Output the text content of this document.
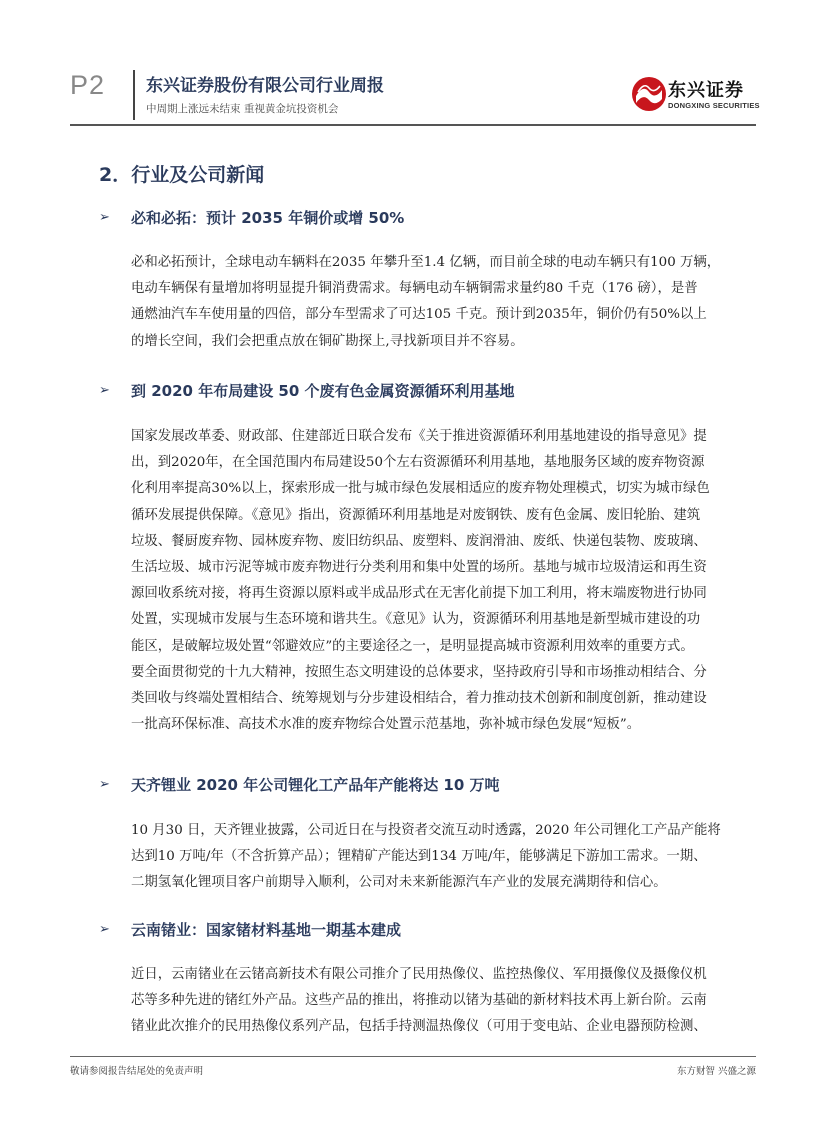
P2 东兴证券股份有限公司行业周报
中周期上涨远未结束 重视黄金坑投资机会
东兴证券
DONGXING SECURITIES
2．行业及公司新闻
➢ 必和必拓：预计 2035 年铜价或增 50%
必和必拓预计，全球电动车辆料在2035 年攀升至1.4 亿辆，而目前全球的电动车辆只有100 万辆，
电动车辆保有量增加将明显提升铜消费需求。每辆电动车辆铜需求量约80 千克（176 磅），是普
通燃油汽车车使用量的四倍，部分车型需求了可达105 千克。预计到2035年，铜价仍有50%以上
的增长空间，我们会把重点放在铜矿勘探上,寻找新项目并不容易。
➢ 到 2020 年布局建设 50 个废有色金属资源循环利用基地
国家发展改革委、财政部、住建部近日联合发布《关于推进资源循环利用基地建设的指导意见》提
出，到2020年，在全国范围内布局建设50个左右资源循环利用基地，基地服务区域的废弃物资源
化利用率提高30%以上，探索形成一批与城市绿色发展相适应的废弃物处理模式，切实为城市绿色
循环发展提供保障。《意见》指出，资源循环利用基地是对废钢铁、废有色金属、废旧轮胎、建筑
垃圾、餐厨废弃物、园林废弃物、废旧纺织品、废塑料、废润滑油、废纸、快递包装物、废玻璃、
生活垃圾、城市污泥等城市废弃物进行分类利用和集中处置的场所。基地与城市垃圾清运和再生资
源回收系统对接，将再生资源以原料或半成品形式在无害化前提下加工利用，将末端废物进行协同
处置，实现城市发展与生态环境和谐共生。《意见》认为，资源循环利用基地是新型城市建设的功
能区，是破解垃圾处置“邻避效应”的主要途径之一，是明显提高城市资源利用效率的重要方式。
要全面贯彻党的十九大精神，按照生态文明建设的总体要求，坚持政府引导和市场推动相结合、分
类回收与终端处置相结合、统筹规划与分步建设相结合，着力推动技术创新和制度创新，推动建设
一批高环保标准、高技术水准的废弃物综合处置示范基地，弥补城市绿色发展“短板”。
➢ 天齐锂业 2020 年公司锂化工产品年产能将达 10 万吨
10 月30 日，天齐锂业披露，公司近日在与投资者交流互动时透露，2020 年公司锂化工产品产能将
达到10 万吨/年（不含折算产品）；锂精矿产能达到134 万吨/年，能够满足下游加工需求。一期、
二期氢氧化锂项目客户前期导入顺利，公司对未来新能源汽车产业的发展充满期待和信心。
➢ 云南锗业：国家锗材料基地一期基本建成
近日，云南锗业在云锗高新技术有限公司推介了民用热像仪、监控热像仪、军用摄像仪及摄像仪机
芯等多种先进的锗红外产品。这些产品的推出，将推动以锗为基础的新材料技术再上新台阶。云南
锗业此次推介的民用热像仪系列产品，包括手持测温热像仪（可用于变电站、企业电器预防检测、
敬请参阅报告结尾处的免责声明	东方财智 兴盛之源
